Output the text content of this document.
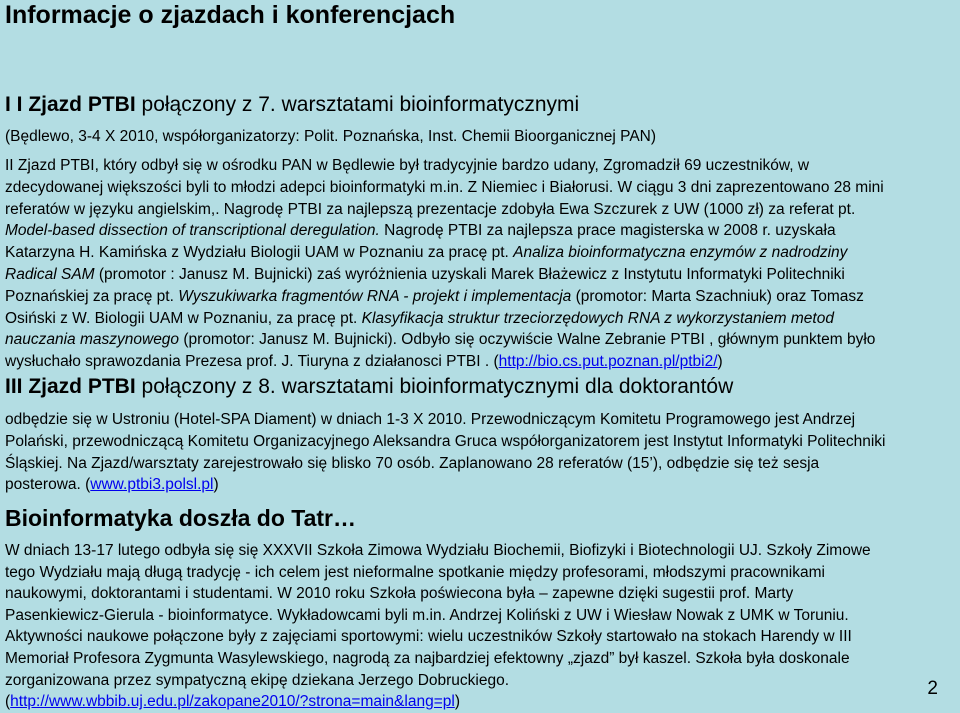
Informacje o zjazdach i konferencjach
I I Zjazd PTBI połączony z 7. warsztatami bioinformatycznymi
(Będlewo, 3-4 X 2010, współorganizatorzy: Polit. Poznańska, Inst. Chemii Bioorganicznej PAN)
II Zjazd PTBI, który odbył się w ośrodku PAN w Będlewie był tradycyjnie bardzo udany, Zgromadził 69 uczestników, w
zdecydowanej większości byli to młodzi adepci bioinformatyki m.in. Z Niemiec i Białorusi. W ciągu 3 dni zaprezentowano 28 mini
referatów w języku angielskim,. Nagrodę PTBI za najlepszą prezentacje zdobyła Ewa Szczurek z UW (1000 zł) za referat pt.
Model-based dissection of transcriptional deregulation. Nagrodę PTBI za najlepsza prace magisterska w 2008 r. uzyskała
Katarzyna H. Kamińska z Wydziału Biologii UAM w Poznaniu za pracę pt. Analiza bioinformatyczna enzymów z nadrodziny
Radical SAM (promotor : Janusz M. Bujnicki) zaś wyróżnienia uzyskali Marek Błażewicz z Instytutu Informatyki Politechniki
Poznańskiej za pracę pt. Wyszukiwarka fragmentów RNA - projekt i implementacja (promotor: Marta Szachniuk) oraz Tomasz
Osiński z W. Biologii UAM w Poznaniu, za pracę pt. Klasyfikacja struktur trzeciorzędowych RNA z wykorzystaniem metod
nauczania maszynowego (promotor: Janusz M. Bujnicki). Odbyło się oczywiście Walne Zebranie PTBI , głównym punktem było
wysłuchało sprawozdania Prezesa prof. J. Tiuryna z działanosci PTBI . (http://bio.cs.put.poznan.pl/ptbi2/)
III Zjazd PTBI połączony z 8. warsztatami bioinformatycznymi dla doktorantów
odbędzie się w Ustroniu (Hotel-SPA Diament) w dniach 1-3 X 2010. Przewodniczącym Komitetu Programowego jest Andrzej
Polański, przewodniczącą Komitetu Organizacyjnego Aleksandra Gruca współorganizatorem jest Instytut Informatyki Politechniki
Śląskiej. Na Zjazd/warsztaty zarejestrowało się blisko 70 osób. Zaplanowano 28 referatów (15’), odbędzie się też sesja
posterowa. (www.ptbi3.polsl.pl)
Bioinformatyka doszła do Tatr…
W dniach 13-17 lutego odbyła się się XXXVII Szkoła Zimowa Wydziału Biochemii, Biofizyki i Biotechnologii UJ. Szkoły Zimowe
tego Wydziału mają długą tradycję - ich celem jest nieformalne spotkanie między profesorami, młodszymi pracownikami
naukowymi, doktorantami i studentami. W 2010 roku Szkoła poświecona była – zapewne dzięki sugestii prof. Marty
Pasenkiewicz-Gierula - bioinformatyce. Wykładowcami byli m.in. Andrzej Koliński z UW i Wiesław Nowak z UMK w Toruniu.
Aktywności naukowe połączone były z zajęciami sportowymi: wielu uczestników Szkoły startowało na stokach Harendy w III
Memoriał Profesora Zygmunta Wasylewskiego, nagrodą za najbardziej efektowny „zjazd” był kaszel. Szkoła była doskonale
zorganizowana przez sympatyczną ekipę dziekana Jerzego Dobruckiego.
(http://www.wbbib.uj.edu.pl/zakopane2010/?strona=main&lang=pl)
2
